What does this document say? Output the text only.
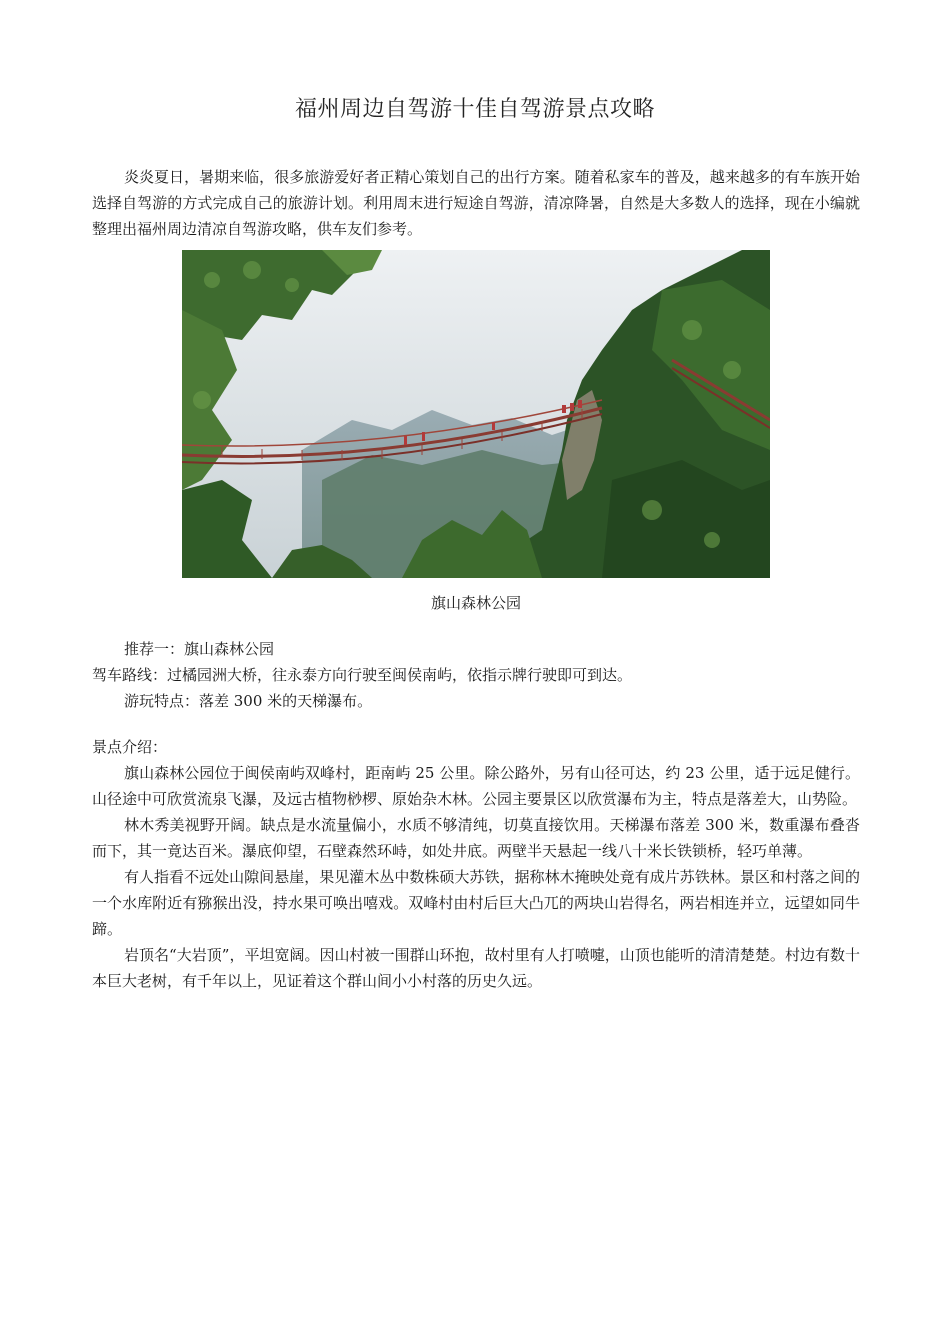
福州周边自驾游十佳自驾游景点攻略

炎炎夏日，暑期来临，很多旅游爱好者正精心策划自己的出行方案。随着私家车的普及，越来越多的有车族开始选择自驾游的方式完成自己的旅游计划。利用周末进行短途自驾游，清凉降暑，自然是大多数人的选择，现在小编就整理出福州周边清凉自驾游攻略，供车友们参考。

旗山森林公园

推荐一：旗山森林公园

驾车路线：过橘园洲大桥，往永泰方向行驶至闽侯南屿，依指示牌行驶即可到达。

游玩特点：落差 300 米的天梯瀑布。

景点介绍：

旗山森林公园位于闽侯南屿双峰村，距南屿 25 公里。除公路外，另有山径可达，约 23 公里，适于远足健行。山径途中可欣赏流泉飞瀑，及远古植物桫椤、原始杂木林。公园主要景区以欣赏瀑布为主，特点是落差大，山势险。

林木秀美视野开阔。缺点是水流量偏小，水质不够清纯，切莫直接饮用。天梯瀑布落差 300 米，数重瀑布叠沓而下，其一竟达百米。瀑底仰望，石壁森然环峙，如处井底。两壁半天悬起一线八十米长铁锁桥，轻巧单薄。

有人指看不远处山隙间悬崖，果见灌木丛中数株硕大苏铁，据称林木掩映处竟有成片苏铁林。景区和村落之间的一个水库附近有猕猴出没，持水果可唤出嘻戏。双峰村由村后巨大凸兀的两块山岩得名，两岩相连并立，远望如同牛蹄。

岩顶名“大岩顶”，平坦宽阔。因山村被一围群山环抱，故村里有人打喷嚏，山顶也能听的清清楚楚。村边有数十本巨大老树，有千年以上，见证着这个群山间小小村落的历史久远。
